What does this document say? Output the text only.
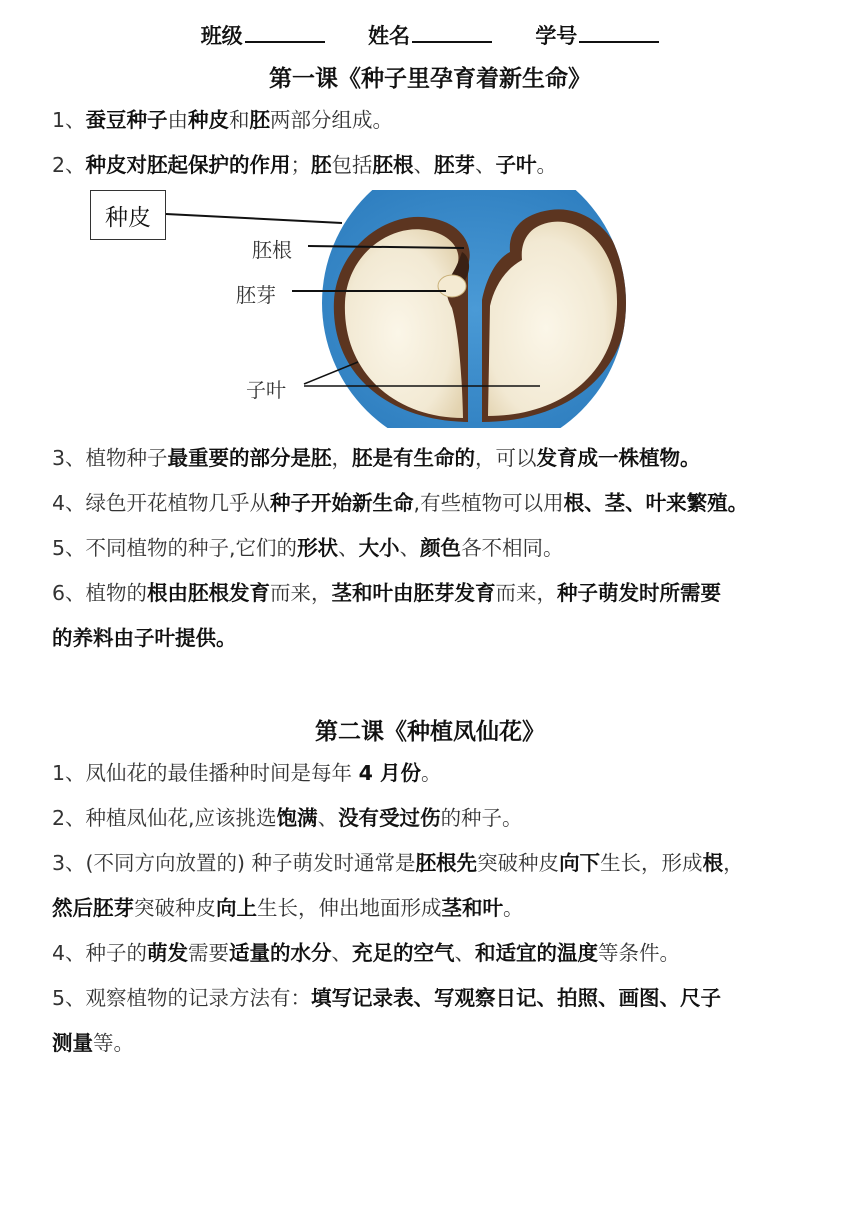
班级	姓名	学号
第一课《种子里孕育着新生命》
1、蚕豆种子由种皮和胚两部分组成。
2、种皮对胚起保护的作用；胚包括胚根、胚芽、子叶。
种皮
胚根
胚芽
子叶
3、植物种子最重要的部分是胚，胚是有生命的，可以发育成一株植物。
4、绿色开花植物几乎从种子开始新生命,有些植物可以用根、茎、叶来繁殖。
5、不同植物的种子,它们的形状、大小、颜色各不相同。
6、植物的根由胚根发育而来，茎和叶由胚芽发育而来，种子萌发时所需要
的养料由子叶提供。
第二课《种植凤仙花》
1、凤仙花的最佳播种时间是每年 4 月份。
2、种植凤仙花,应该挑选饱满、没有受过伤的种子。
3、(不同方向放置的) 种子萌发时通常是胚根先突破种皮向下生长，形成根，
然后胚芽突破种皮向上生长，伸出地面形成茎和叶。
4、种子的萌发需要适量的水分、充足的空气、和适宜的温度等条件。
5、观察植物的记录方法有：填写记录表、写观察日记、拍照、画图、尺子
测量等。
